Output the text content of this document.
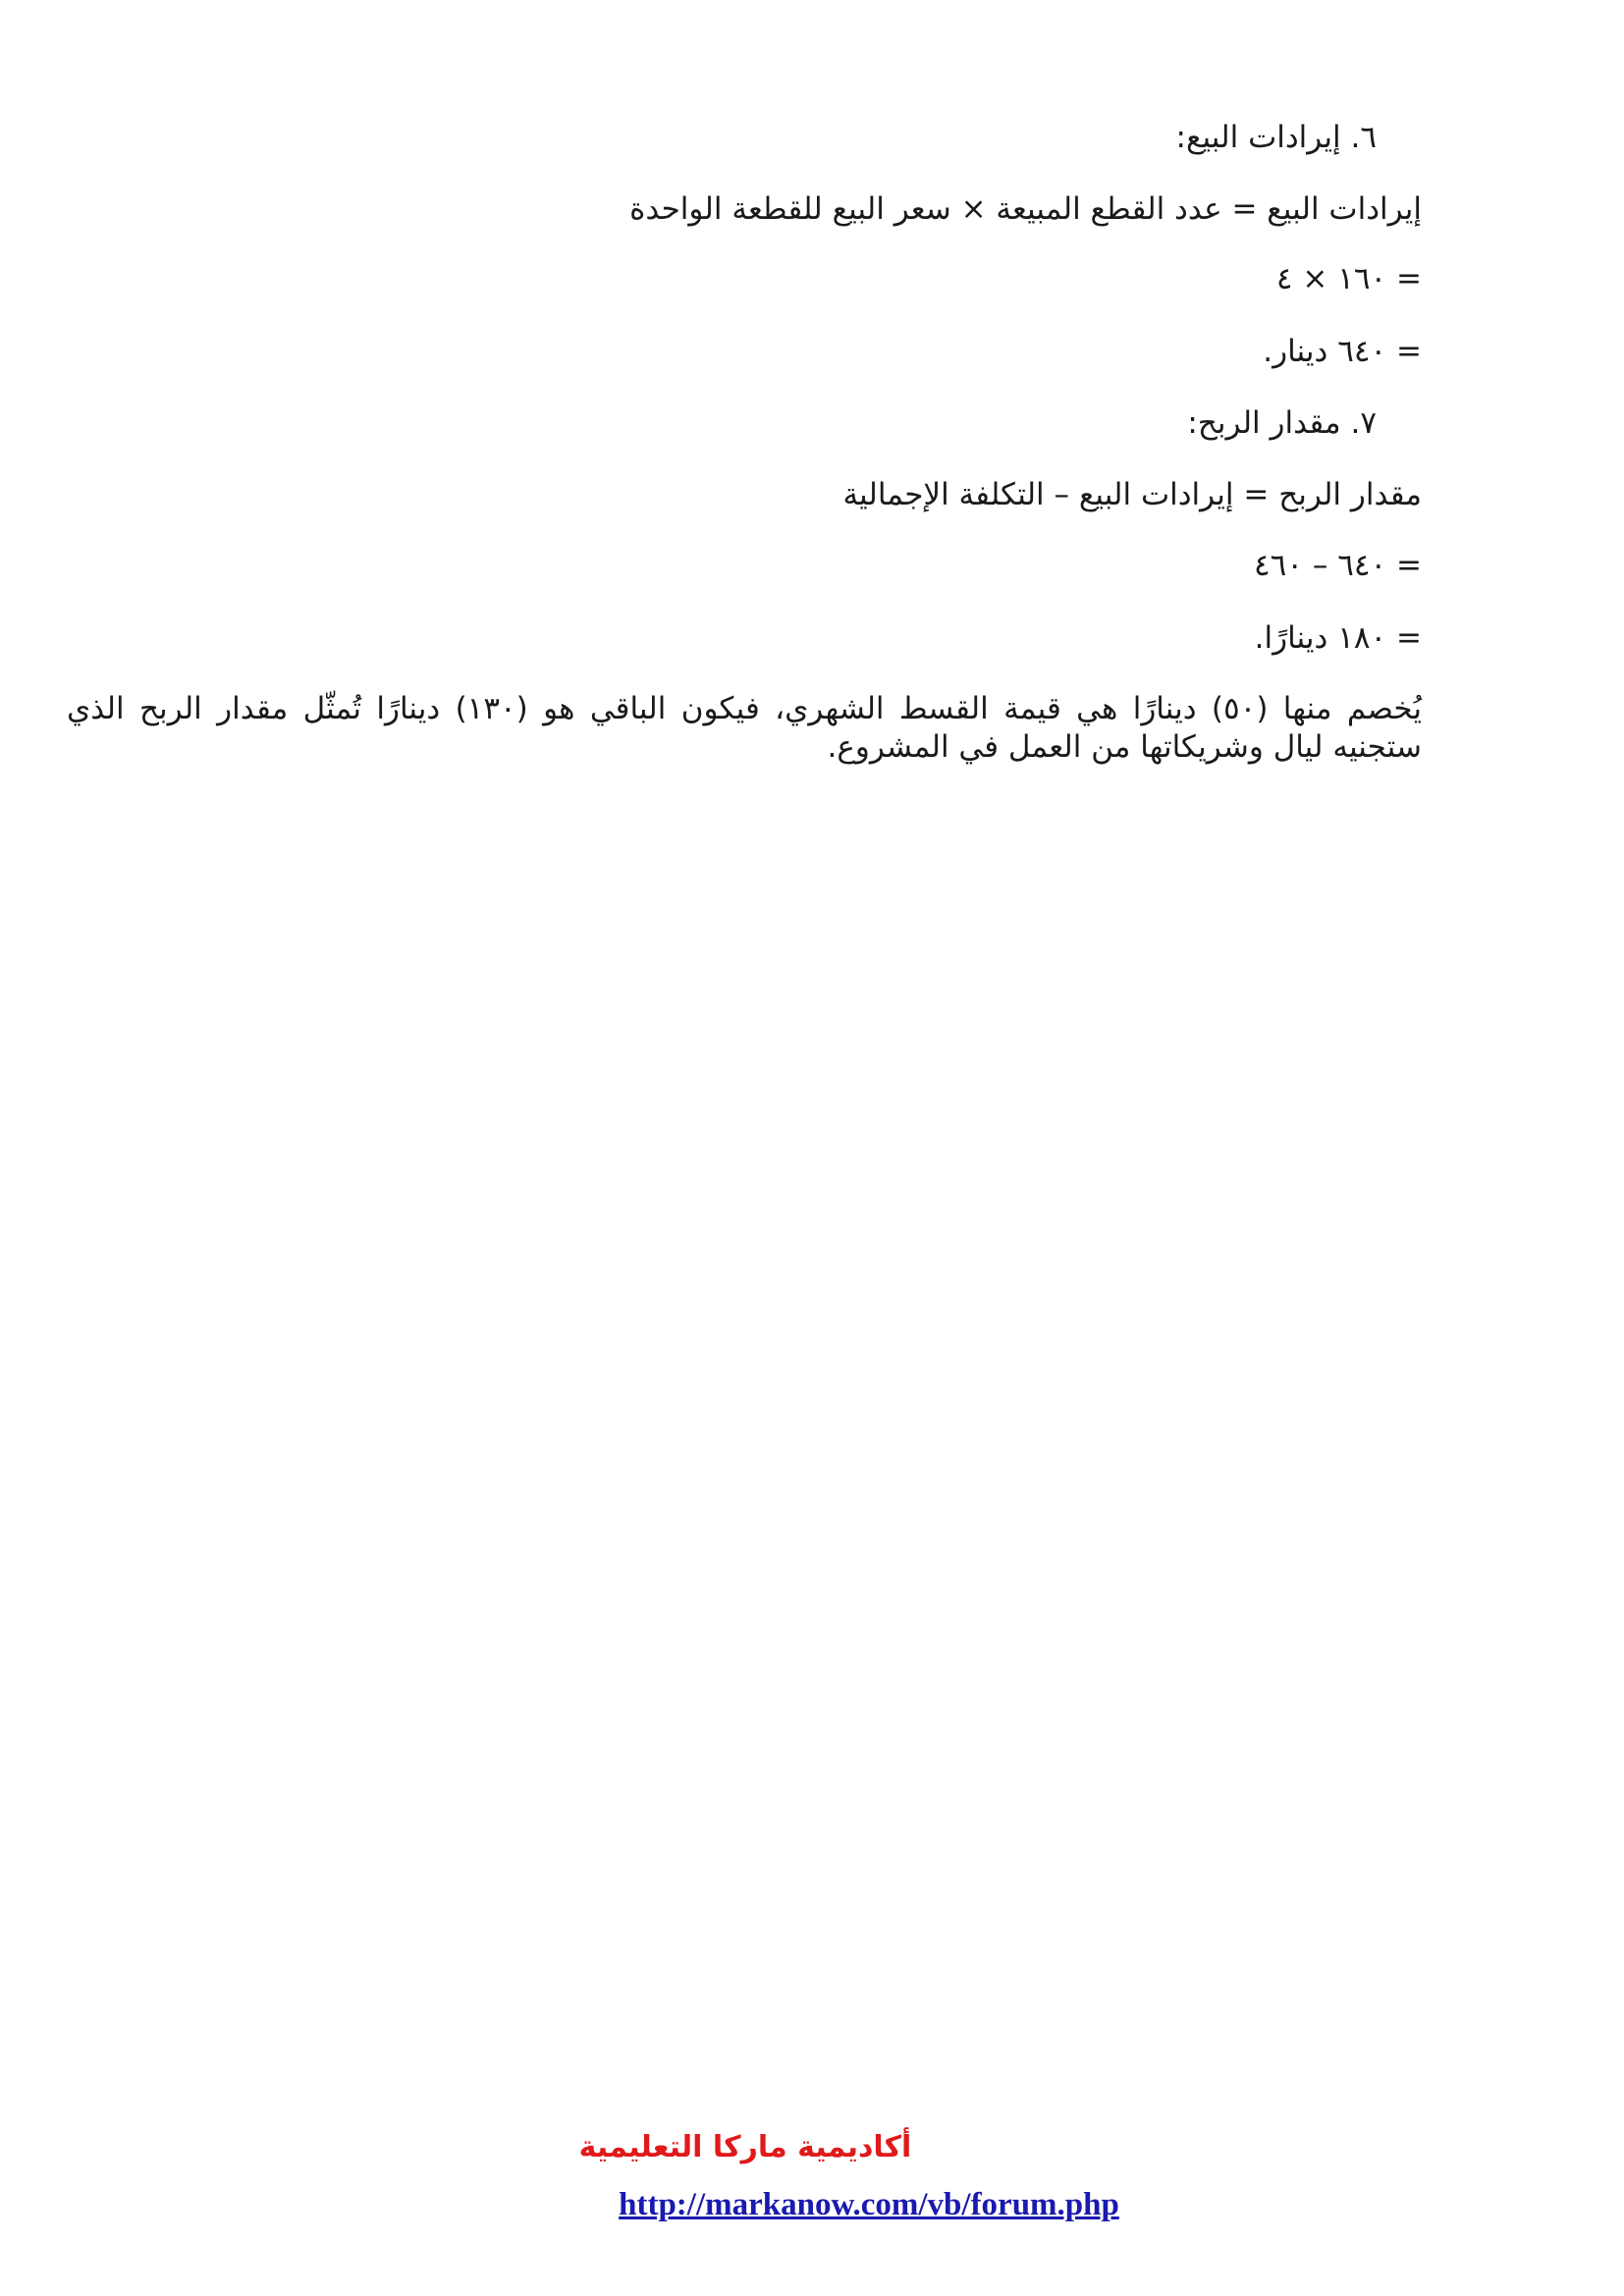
٦. إيرادات البيع:
إيرادات البيع = عدد القطع المبيعة × سعر البيع للقطعة الواحدة
= ١٦٠ × ٤
= ٦٤٠ دينار.
٧. مقدار الربح:
مقدار الربح = إيرادات البيع – التكلفة الإجمالية
= ٦٤٠ – ٤٦٠
= ١٨٠ دينارًا.
يُخصم منها (٥٠) دينارًا هي قيمة القسط الشهري، فيكون الباقي هو (١٣٠) دينارًا تُمثّل مقدار الربح الذي ستجنيه ليال وشريكاتها من العمل في المشروع.
أكاديمية ماركا التعليمية
http://markanow.com/vb/forum.php
